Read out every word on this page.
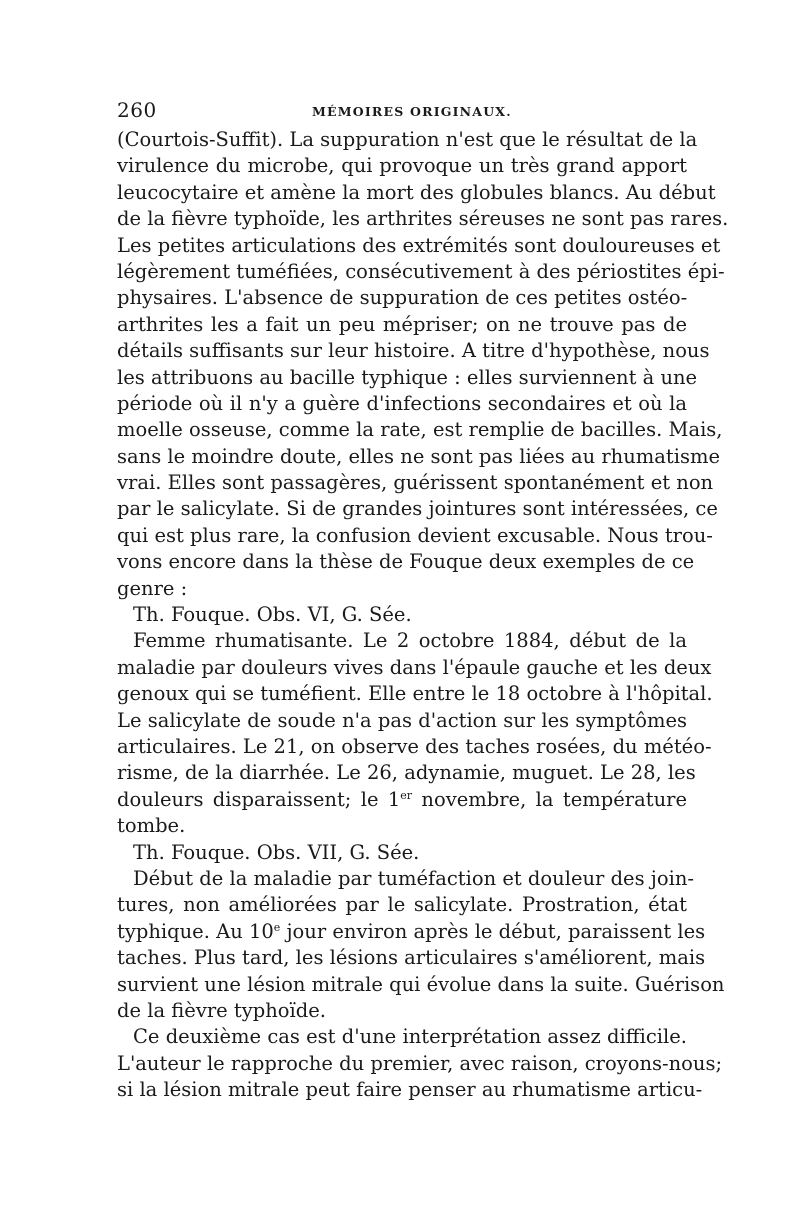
260	MÉMOIRES ORIGINAUX.
(Courtois-Suffit). La suppuration n'est que le résultat de la
virulence du microbe, qui provoque un très grand apport
leucocytaire et amène la mort des globules blancs. Au début
de la fièvre typhoïde, les arthrites séreuses ne sont pas rares.
Les petites articulations des extrémités sont douloureuses et
légèrement tuméfiées, consécutivement à des périostites épi-
physaires. L'absence de suppuration de ces petites ostéo-
arthrites les a fait un peu mépriser; on ne trouve pas de
détails suffisants sur leur histoire. A titre d'hypothèse, nous
les attribuons au bacille typhique : elles surviennent à une
période où il n'y a guère d'infections secondaires et où la
moelle osseuse, comme la rate, est remplie de bacilles. Mais,
sans le moindre doute, elles ne sont pas liées au rhumatisme
vrai. Elles sont passagères, guérissent spontanément et non
par le salicylate. Si de grandes jointures sont intéressées, ce
qui est plus rare, la confusion devient excusable. Nous trou-
vons encore dans la thèse de Fouque deux exemples de ce
genre :
Th. Fouque. Obs. VI, G. Sée.
Femme rhumatisante. Le 2 octobre 1884, début de la
maladie par douleurs vives dans l'épaule gauche et les deux
genoux qui se tuméfient. Elle entre le 18 octobre à l'hôpital.
Le salicylate de soude n'a pas d'action sur les symptômes
articulaires. Le 21, on observe des taches rosées, du météo-
risme, de la diarrhée. Le 26, adynamie, muguet. Le 28, les
douleurs disparaissent; le 1er novembre, la température
tombe.
Th. Fouque. Obs. VII, G. Sée.
Début de la maladie par tuméfaction et douleur des join-
tures, non améliorées par le salicylate. Prostration, état
typhique. Au 10e jour environ après le début, paraissent les
taches. Plus tard, les lésions articulaires s'améliorent, mais
survient une lésion mitrale qui évolue dans la suite. Guérison
de la fièvre typhoïde.
Ce deuxième cas est d'une interprétation assez difficile.
L'auteur le rapproche du premier, avec raison, croyons-nous;
si la lésion mitrale peut faire penser au rhumatisme articu-
